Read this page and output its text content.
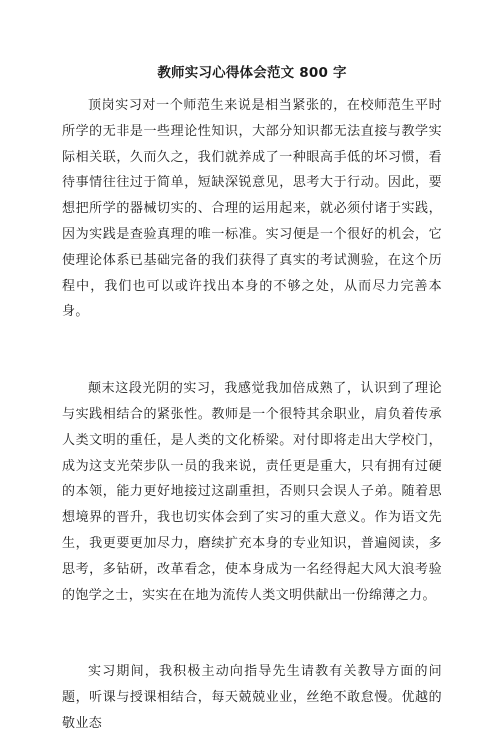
教师实习心得体会范文 800 字

顶岗实习对一个师范生来说是相当紧张的，在校师范生平时所学的无非是一些理论性知识，大部分知识都无法直接与教学实际相关联，久而久之，我们就养成了一种眼高手低的坏习惯，看待事情往往过于简单，短缺深锐意见，思考大于行动。因此，要想把所学的器械切实的、合理的运用起来，就必须付诸于实践，因为实践是查验真理的唯一标准。实习便是一个很好的机会，它使理论体系已基础完备的我们获得了真实的考试测验，在这个历程中，我们也可以或许找出本身的不够之处，从而尽力完善本身。

颠末这段光阴的实习，我感觉我加倍成熟了，认识到了理论与实践相结合的紧张性。教师是一个很特其余职业，肩负着传承人类文明的重任，是人类的文化桥梁。对付即将走出大学校门，成为这支光荣步队一员的我来说，责任更是重大，只有拥有过硬的本领，能力更好地接过这副重担，否则只会误人子弟。随着思想境界的晋升，我也切实体会到了实习的重大意义。作为语文先生，我更要更加尽力，磨续扩充本身的专业知识，普遍阅读，多思考，多钻研，改革看念，使本身成为一名经得起大风大浪考验的饱学之士，实实在在地为流传人类文明供献出一份绵薄之力。

实习期间，我积极主动向指导先生请教有关教导方面的问题，听课与授课相结合，每天兢兢业业，丝绝不敢怠慢。优越的敬业态
